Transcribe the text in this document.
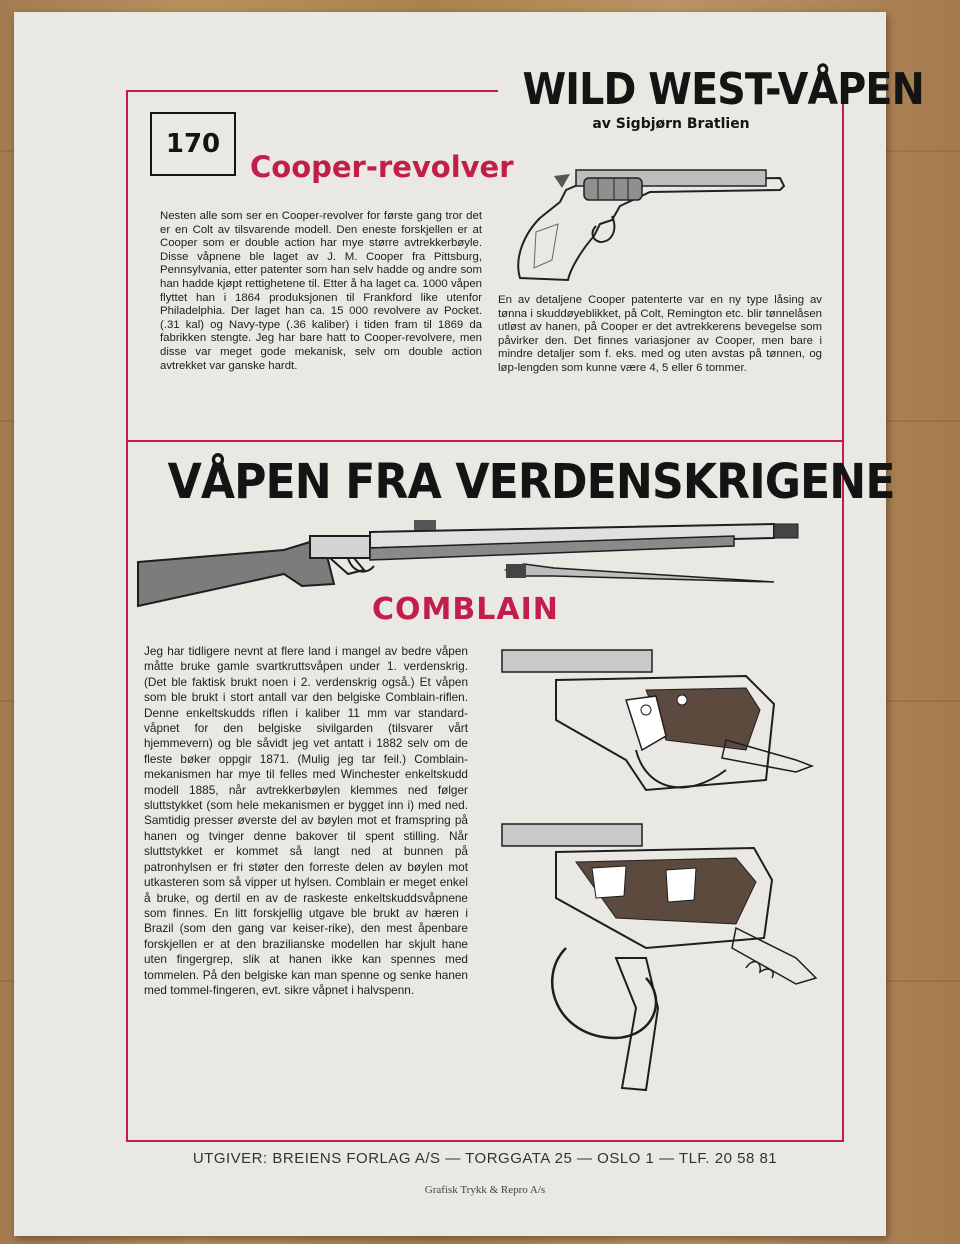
WILD WEST-VÅPEN
av Sigbjørn Bratlien
170
Cooper-revolver
Nesten alle som ser en Cooper-revolver for første gang tror det er en Colt av tilsvarende modell. Den eneste forskjellen er at Cooper som er double action har mye større avtrekkerbøyle. Disse våpnene ble laget av J. M. Cooper fra Pittsburg, Pennsylvania, etter patenter som han selv hadde og andre som han hadde kjøpt rettighetene til. Etter å ha laget ca. 1000 våpen flyttet han i 1864 produksjonen til Frankford like utenfor Philadelphia. Der laget han ca. 15 000 revolvere av Pocket. (.31 kal) og Navy-type (.36 kaliber) i tiden fram til 1869 da fabrikken stengte. Jeg har bare hatt to Cooper-revolvere, men disse var meget gode mekanisk, selv om double action avtrekket var ganske hardt.
En av detaljene Cooper patenterte var en ny type låsing av tønna i skuddøyeblikket, på Colt, Remington etc. blir tønnelåsen utløst av hanen, på Cooper er det avtrekkerens bevegelse som påvirker den. Det finnes variasjoner av Cooper, men bare i mindre detaljer som f. eks. med og uten avstas på tønnen, og løp-lengden som kunne være 4, 5 eller 6 tommer.
VÅPEN FRA VERDENSKRIGENE
COMBLAIN
Jeg har tidligere nevnt at flere land i mangel av bedre våpen måtte bruke gamle svartkruttsvåpen under 1. verdenskrig. (Det ble faktisk brukt noen i 2. verdenskrig også.) Et våpen som ble brukt i stort antall var den belgiske Comblain-riflen. Denne enkeltskudds riflen i kaliber 11 mm var standard-våpnet for den belgiske sivilgarden (tilsvarer vårt hjemmevern) og ble såvidt jeg vet antatt i 1882 selv om de fleste bøker oppgir 1871. (Mulig jeg tar feil.) Comblain-mekanismen har mye til felles med Winchester enkeltskudd modell 1885, når avtrekkerbøylen klemmes ned følger sluttstykket (som hele mekanismen er bygget inn i) med ned. Samtidig presser øverste del av bøylen mot et framspring på hanen og tvinger denne bakover til spent stilling. Når sluttstykket er kommet så langt ned at bunnen på patronhylsen er fri støter den forreste delen av bøylen mot utkasteren som så vipper ut hylsen. Comblain er meget enkel å bruke, og dertil en av de raskeste enkeltskuddsvåpnene som finnes. En litt forskjellig utgave ble brukt av hæren i Brazil (som den gang var keiser-rike), den mest åpenbare forskjellen er at den brazilianske modellen har skjult hane uten fingergrep, slik at hanen ikke kan spennes med tommelen. På den belgiske kan man spenne og senke hanen med tommel-fingeren, evt. sikre våpnet i halvspenn.
UTGIVER: BREIENS FORLAG A/S — TORGGATA 25 — OSLO 1 — TLF. 20 58 81
Grafisk Trykk & Repro A/s
